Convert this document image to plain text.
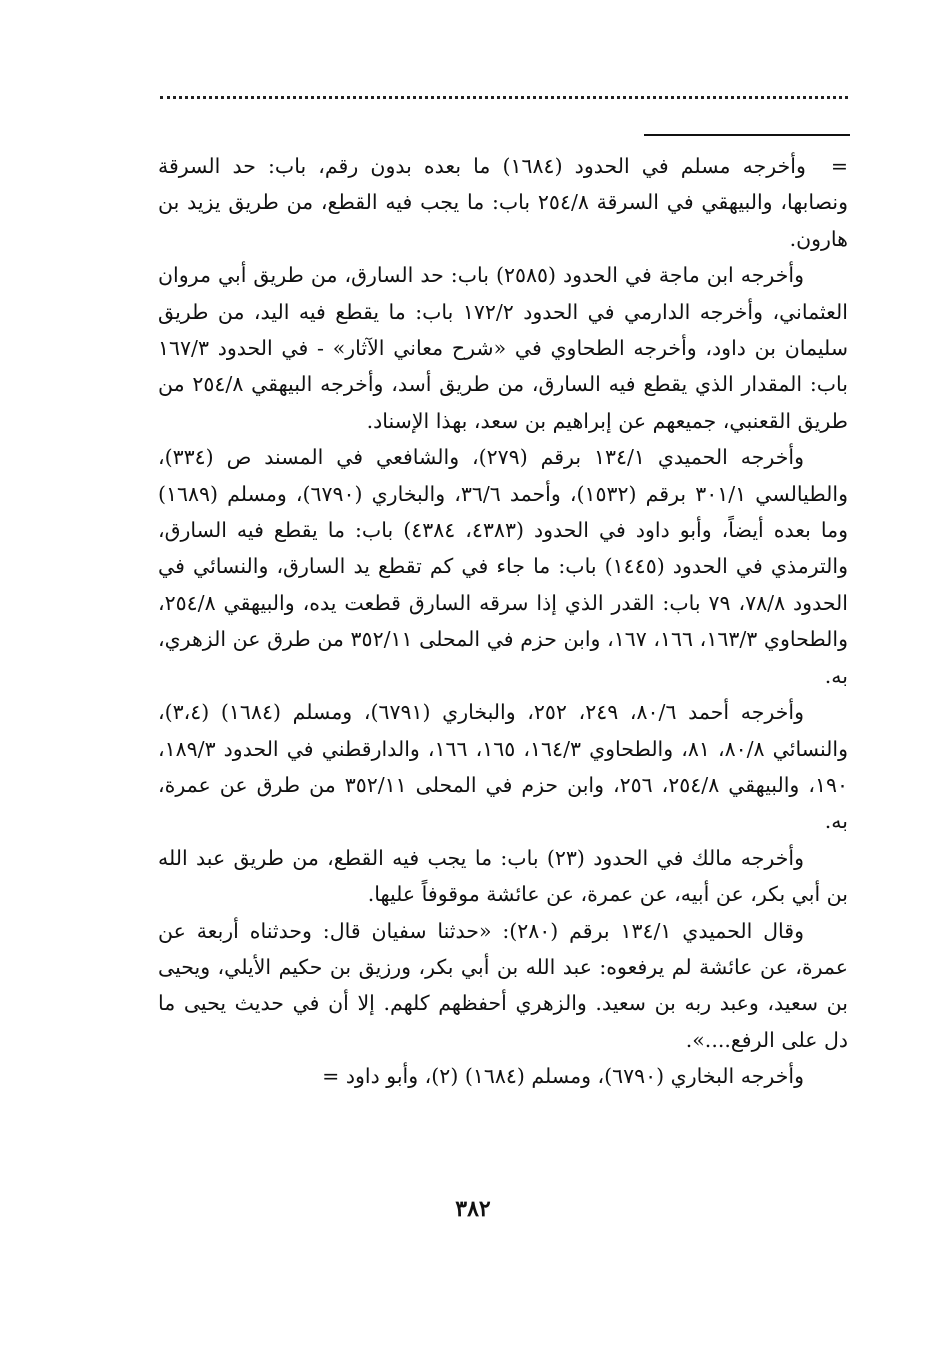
= وأخرجه مسلم في الحدود (١٦٨٤) ما بعده بدون رقم، باب: حد السرقة ونصابها، والبيهقي في السرقة ٢٥٤/٨ باب: ما يجب فيه القطع، من طريق يزيد بن هارون.

وأخرجه ابن ماجة في الحدود (٢٥٨٥) باب: حد السارق، من طريق أبي مروان العثماني، وأخرجه الدارمي في الحدود ١٧٢/٢ باب: ما يقطع فيه اليد، من طريق سليمان بن داود، وأخرجه الطحاوي في «شرح معاني الآثار» - في الحدود ١٦٧/٣ باب: المقدار الذي يقطع فيه السارق، من طريق أسد، وأخرجه البيهقي ٢٥٤/٨ من طريق القعنبي، جميعهم عن إبراهيم بن سعد، بهذا الإسناد.

وأخرجه الحميدي ١٣٤/١ برقم (٢٧٩)، والشافعي في المسند ص (٣٣٤)، والطيالسي ٣٠١/١ برقم (١٥٣٢)، وأحمد ٣٦/٦، والبخاري (٦٧٩٠)، ومسلم (١٦٨٩) وما بعده أيضاً، وأبو داود في الحدود (٤٣٨٣، ٤٣٨٤) باب: ما يقطع فيه السارق، والترمذي في الحدود (١٤٤٥) باب: ما جاء في كم تقطع يد السارق، والنسائي في الحدود ٧٨/٨، ٧٩ باب: القدر الذي إذا سرقه السارق قطعت يده، والبيهقي ٢٥٤/٨، والطحاوي ١٦٣/٣، ١٦٦، ١٦٧، وابن حزم في المحلى ٣٥٢/١١ من طرق عن الزهري، به.

وأخرجه أحمد ٨٠/٦، ٢٤٩، ٢٥٢، والبخاري (٦٧٩١)، ومسلم (١٦٨٤) (٣،٤)، والنسائي ٨٠/٨، ٨١، والطحاوي ١٦٤/٣، ١٦٥، ١٦٦، والدارقطني في الحدود ١٨٩/٣، ١٩٠، والبيهقي ٢٥٤/٨، ٢٥٦، وابن حزم في المحلى ٣٥٢/١١ من طرق عن عمرة، به.

وأخرجه مالك في الحدود (٢٣) باب: ما يجب فيه القطع، من طريق عبد الله بن أبي بكر، عن أبيه، عن عمرة، عن عائشة موقوفاً عليها.

وقال الحميدي ١٣٤/١ برقم (٢٨٠): «حدثنا سفيان قال: وحدثناه أربعة عن عمرة، عن عائشة لم يرفعوه: عبد الله بن أبي بكر، ورزيق بن حكيم الأيلي، ويحيى بن سعيد، وعبد ربه بن سعيد. والزهري أحفظهم كلهم. إلا أن في حديث يحيى ما دل على الرفع....».

وأخرجه البخاري (٦٧٩٠)، ومسلم (١٦٨٤) (٢)، وأبو داود =

٣٨٢
